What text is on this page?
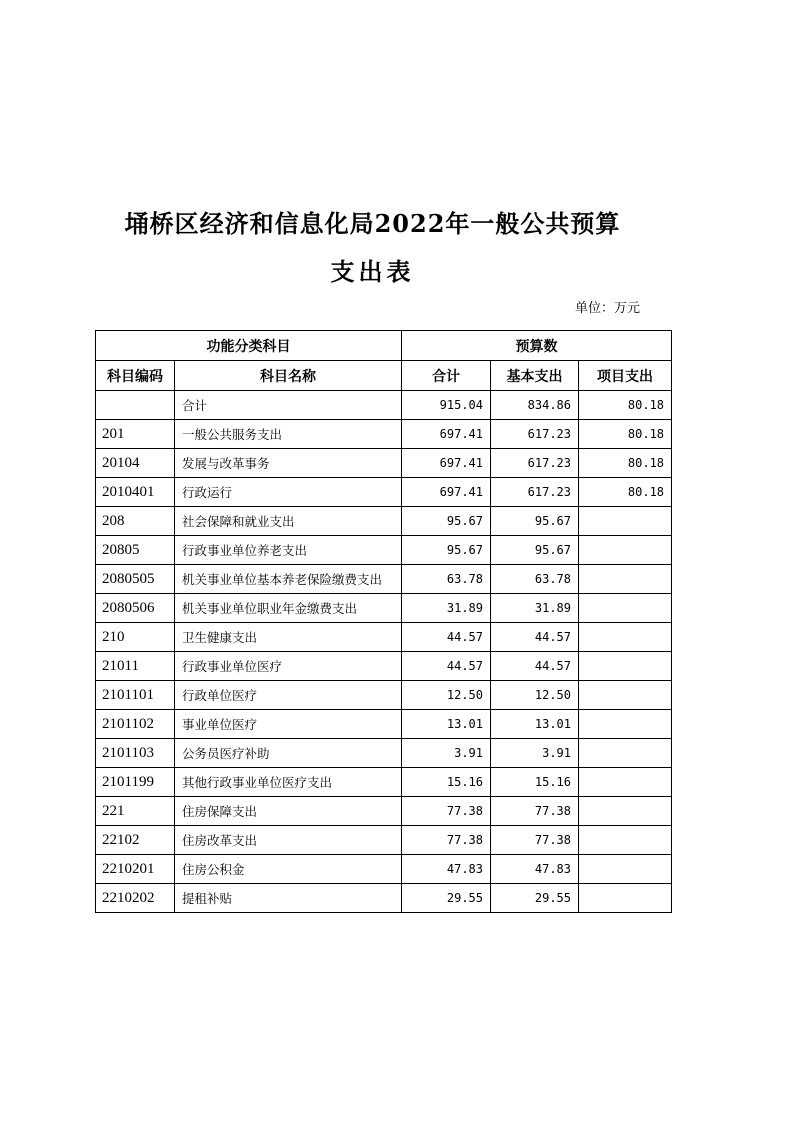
埇桥区经济和信息化局2022年一般公共预算
支出表
单位：万元
功能分类科目		预算数		
科目编码	科目名称	合计	基本支出	项目支出
	合计	915.04	834.86	80.18
201	一般公共服务支出	697.41	617.23	80.18
20104	发展与改革事务	697.41	617.23	80.18
2010401	行政运行	697.41	617.23	80.18
208	社会保障和就业支出	95.67	95.67	
20805	行政事业单位养老支出	95.67	95.67	
2080505	机关事业单位基本养老保险缴费支出	63.78	63.78	
2080506	机关事业单位职业年金缴费支出	31.89	31.89	
210	卫生健康支出	44.57	44.57	
21011	行政事业单位医疗	44.57	44.57	
2101101	行政单位医疗	12.50	12.50	
2101102	事业单位医疗	13.01	13.01	
2101103	公务员医疗补助	3.91	3.91	
2101199	其他行政事业单位医疗支出	15.16	15.16	
221	住房保障支出	77.38	77.38	
22102	住房改革支出	77.38	77.38	
2210201	住房公积金	47.83	47.83	
2210202	提租补贴	29.55	29.55	
